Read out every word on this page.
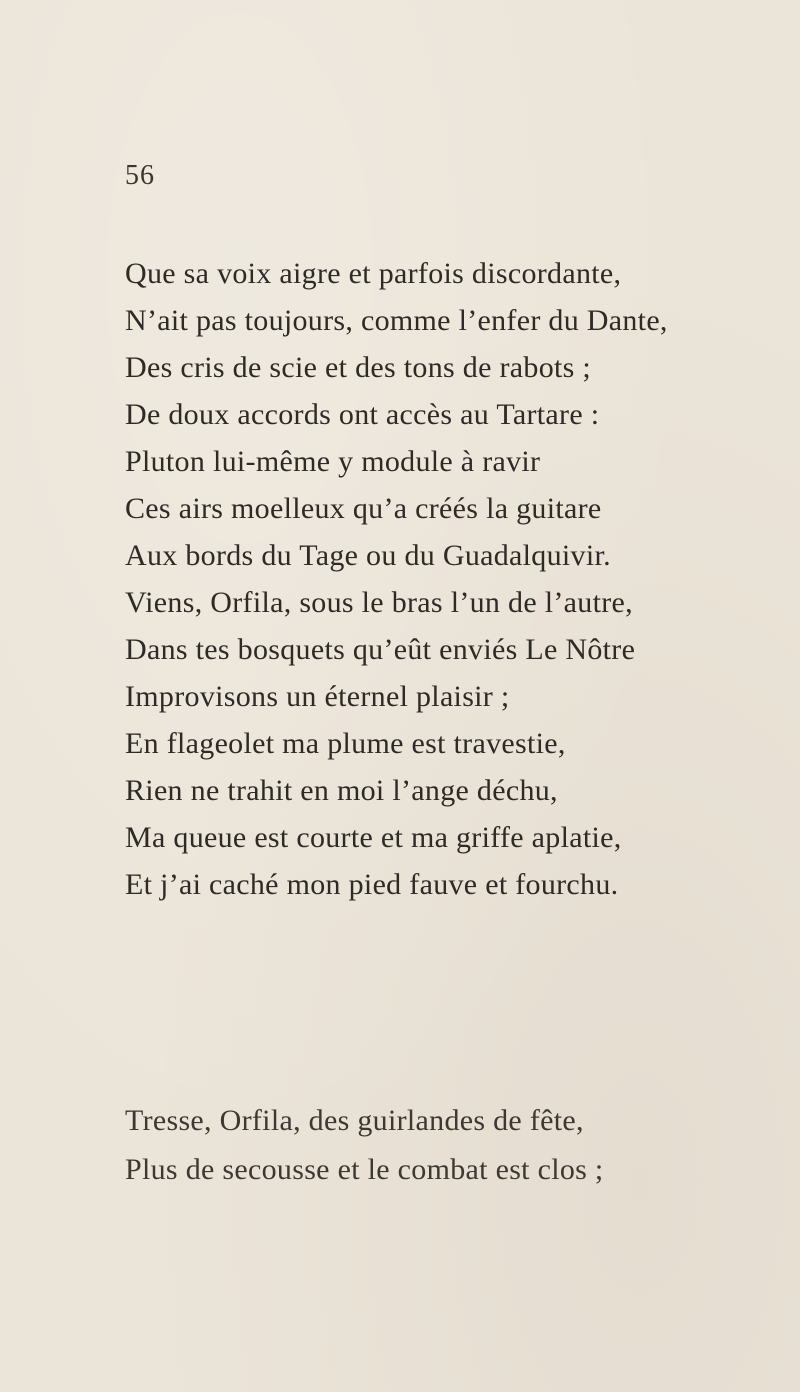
56
Que sa voix aigre et parfois discordante,
N’ait pas toujours, comme l’enfer du Dante,
Des cris de scie et des tons de rabots ;
De doux accords ont accès au Tartare :
Pluton lui-même y module à ravir
Ces airs moelleux qu’a créés la guitare
Aux bords du Tage ou du Guadalquivir.
Viens, Orfila, sous le bras l’un de l’autre,
Dans tes bosquets qu’eût enviés Le Nôtre
Improvisons un éternel plaisir ;
En flageolet ma plume est travestie,
Rien ne trahit en moi l’ange déchu,
Ma queue est courte et ma griffe aplatie,
Et j’ai caché mon pied fauve et fourchu.
Tresse, Orfila, des guirlandes de fête,
Plus de secousse et le combat est clos ;
